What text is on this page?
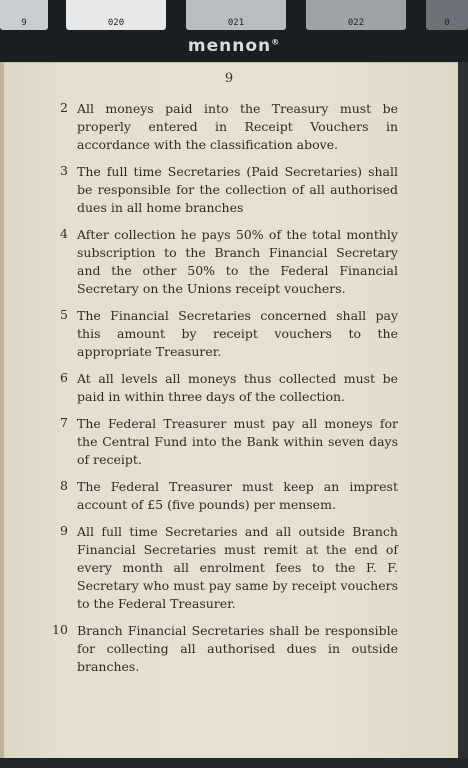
9	020	021	022	0
mennon®
9
2 All moneys paid into the Treasury must be properly entered in Receipt Vouchers in accordance with the classification above.
3 The full time Secretaries (Paid Secretaries) shall be responsible for the collection of all authorised dues in all home branches
4 After collection he pays 50% of the total monthly subscription to the Branch Financial Secretary and the other 50% to the Federal Financial Secretary on the Unions receipt vouchers.
5 The Financial Secretaries concerned shall pay this amount by receipt vouchers to the appropriate Treasurer.
6 At all levels all moneys thus collected must be paid in within three days of the collection.
7 The Federal Treasurer must pay all moneys for the Central Fund into the Bank within seven days of receipt.
8 The Federal Treasurer must keep an imprest account of £5 (five pounds) per mensem.
9 All full time Secretaries and all outside Branch Financial Secretaries must remit at the end of every month all enrolment fees to the F. F. Secretary who must pay same by receipt vouchers to the Federal Treasurer.
10 Branch Financial Secretaries shall be responsible for collecting all authorised dues in outside branches.
